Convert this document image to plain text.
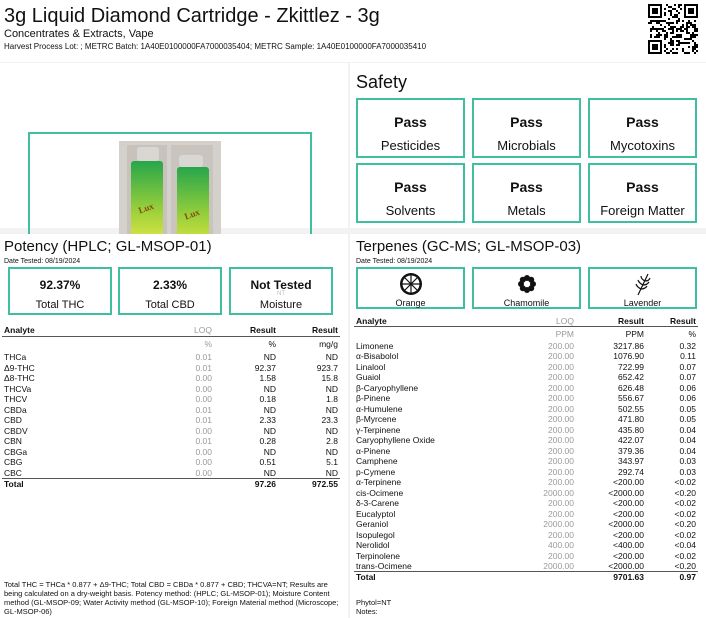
3g Liquid Diamond Cartridge - Zkittlez - 3g
Concentrates & Extracts, Vape
Harvest Process Lot: ; METRC Batch: 1A40E0100000FA7000035404; METRC Sample: 1A40E0100000FA7000035410
Lux	Lux
Safety
Pass
Pesticides
Pass
Microbials
Pass
Mycotoxins
Pass
Solvents
Pass
Metals
Pass
Foreign Matter
Potency (HPLC; GL-MSOP-01)
Date Tested: 08/19/2024
92.37%
Total THC
2.33%
Total CBD
Not Tested
NT
Moisture
Analyte	LOQ	Result	Result
	%	%	mg/g
THCa	0.01	ND	ND
Δ9-THC	0.01	92.37	923.7
Δ8-THC	0.00	1.58	15.8
THCVa	0.00	ND	ND
THCV	0.00	0.18	1.8
CBDa	0.01	ND	ND
CBD	0.01	2.33	23.3
CBDV	0.00	ND	ND
CBN	0.01	0.28	2.8
CBGa	0.00	ND	ND
CBG	0.00	0.51	5.1
CBC	0.00	ND	ND
Total		97.26	972.55
Total THC = THCa * 0.877 + Δ9-THC; Total CBD = CBDa * 0.877 + CBD; THCVA=NT; Results are being calculated on a dry-weight basis. Potency method: (HPLC; GL-MSOP-01); Moisture Content method (GL-MSOP-09; Water Activity method (GL-MSOP-10); Foreign Material method (Microscope; GL-MSOP-06)
Terpenes (GC-MS; GL-MSOP-03)
Date Tested: 08/19/2024
Orange	Chamomile	Lavender
Analyte	LOQ	Result	Result
	PPM	PPM	%
Limonene	200.00	3217.86	0.32
α-Bisabolol	200.00	1076.90	0.11
Linalool	200.00	722.99	0.07
Guaiol	200.00	652.42	0.07
β-Caryophyllene	200.00	626.48	0.06
β-Pinene	200.00	556.67	0.06
α-Humulene	200.00	502.55	0.05
β-Myrcene	200.00	471.80	0.05
γ-Terpinene	200.00	435.80	0.04
Caryophyllene Oxide	200.00	422.07	0.04
α-Pinene	200.00	379.36	0.04
Camphene	200.00	343.97	0.03
p-Cymene	200.00	292.74	0.03
α-Terpinene	200.00	<200.00	<0.02
cis-Ocimene	2000.00	<2000.00	<0.20
δ-3-Carene	200.00	<200.00	<0.02
Eucalyptol	200.00	<200.00	<0.02
Geraniol	2000.00	<2000.00	<0.20
Isopulegol	200.00	<200.00	<0.02
Nerolidol	400.00	<400.00	<0.04
Terpinolene	200.00	<200.00	<0.02
trans-Ocimene	2000.00	<2000.00	<0.20
Total		9701.63	0.97
Phytol=NT
Notes:
